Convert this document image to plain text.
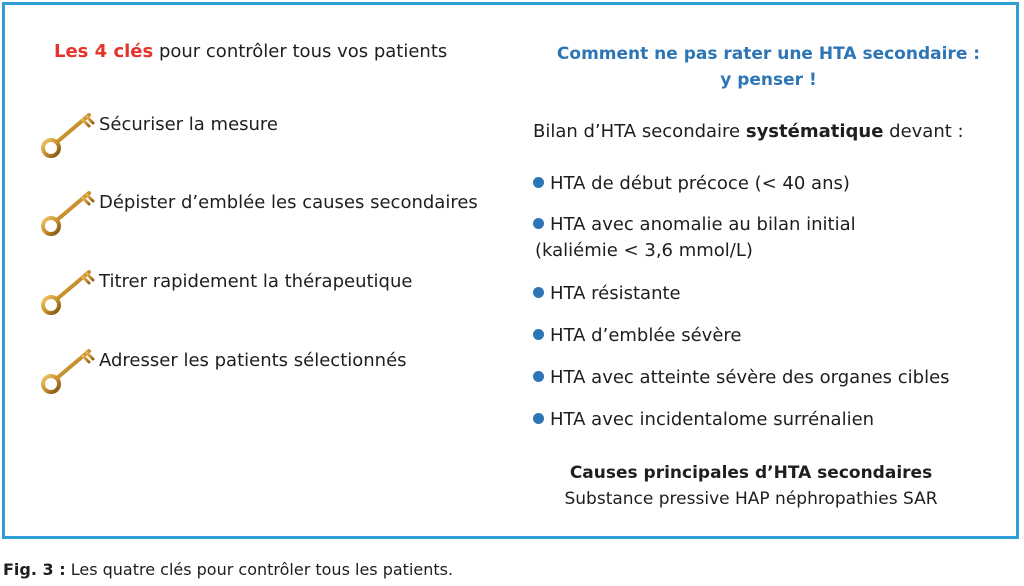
Les 4 clés pour contrôler tous vos patients
Sécuriser la mesure
Dépister d’emblée les causes secondaires
Titrer rapidement la thérapeutique
Adresser les patients sélectionnés
Comment ne pas rater une HTA secondaire :
y penser !
Bilan d’HTA secondaire systématique devant :
HTA de début précoce (< 40 ans)
HTA avec anomalie au bilan initial
(kaliémie < 3,6 mmol/L)
HTA résistante
HTA d’emblée sévère
HTA avec atteinte sévère des organes cibles
HTA avec incidentalome surrénalien
Causes principales d’HTA secondaires
Substance pressive HAP néphropathies SAR
Fig. 3 : Les quatre clés pour contrôler tous les patients.
